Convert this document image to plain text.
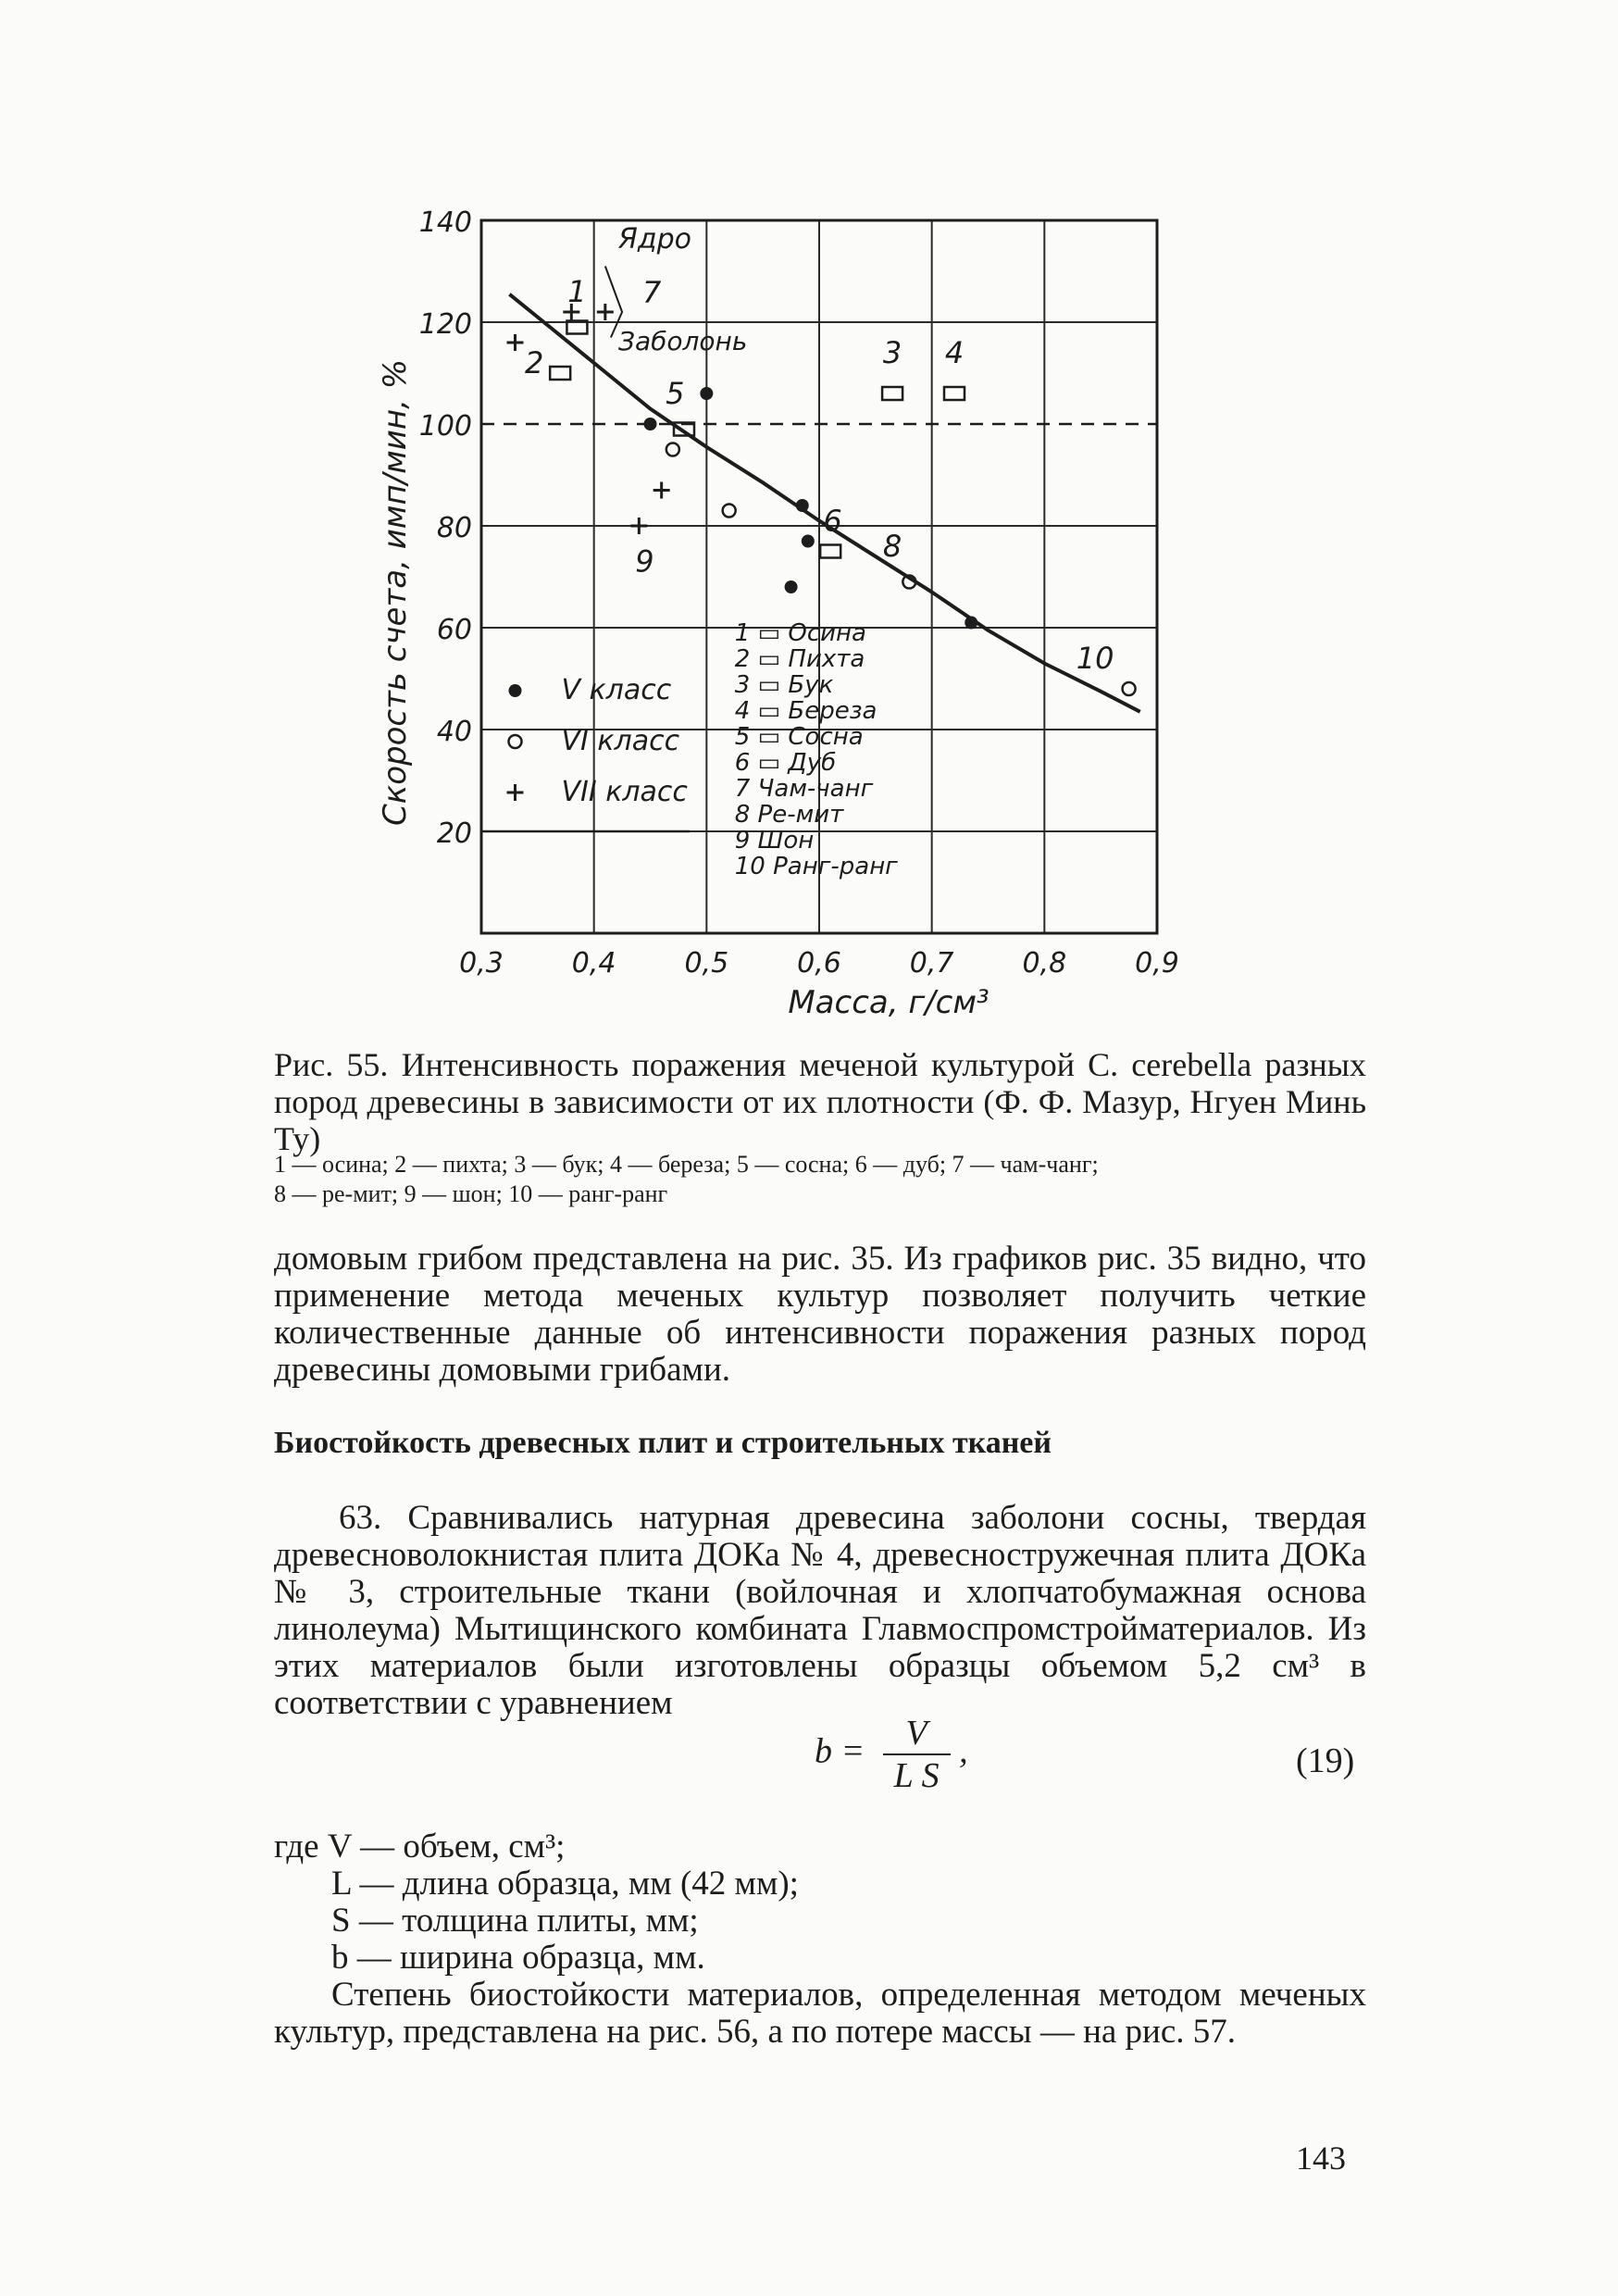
0,3 0,4 0,5 0,6 0,7 0,8 0,9
20
40
60
80
100
120
140
Масса, г/см³
Скорость счета, имп/мин, %
1
2	3 4
5
6
8
9
10
Ядро
7
Заболонь
V класс
VI класс
VII класс
1 ▭ Осина
2 ▭ Пихта
3 ▭ Бук
4 ▭ Береза
5 ▭ Сосна
6 ▭ Дуб
7 Чам-чанг
8 Ре-мит
9 Шон
10 Ранг-ранг
Рис. 55. Интенсивность поражения меченой культурой С. cerebella разных пород древесины в зависимости от их плотности (Ф. Ф. Мазур, Нгуен Минь Ту)
1 — осина; 2 — пихта; 3 — бук; 4 — береза; 5 — сосна; 6 — дуб; 7 — чам-чанг;
8 — ре-мит; 9 — шон; 10 — ранг-ранг
домовым грибом представлена на рис. 35. Из графиков рис. 35 видно, что применение метода меченых культур позволяет получить четкие количественные данные об интенсивности поражения разных пород древесины домовыми грибами.
Биостойкость древесных плит и строительных тканей
63. Сравнивались натурная древесина заболони сосны, твердая древесноволокнистая плита ДОКа № 4, древесностружечная плита ДОКа № 3, строительные ткани (войлочная и хлопчатобумажная основа линолеума) Мытищинского комбината Главмоспромстройматериалов. Из этих материалов были изготовлены образцы объемом 5,2 см³ в соответствии с уравнением
$b = \frac{V}{\text{L S}}$ ,	(19)
где V — объем, см³;
L — длина образца, мм (42 мм);
S — толщина плиты, мм;
b — ширина образца, мм.
Степень биостойкости материалов, определенная методом меченых культур, представлена на рис. 56, а по потере массы — на рис. 57.
143
